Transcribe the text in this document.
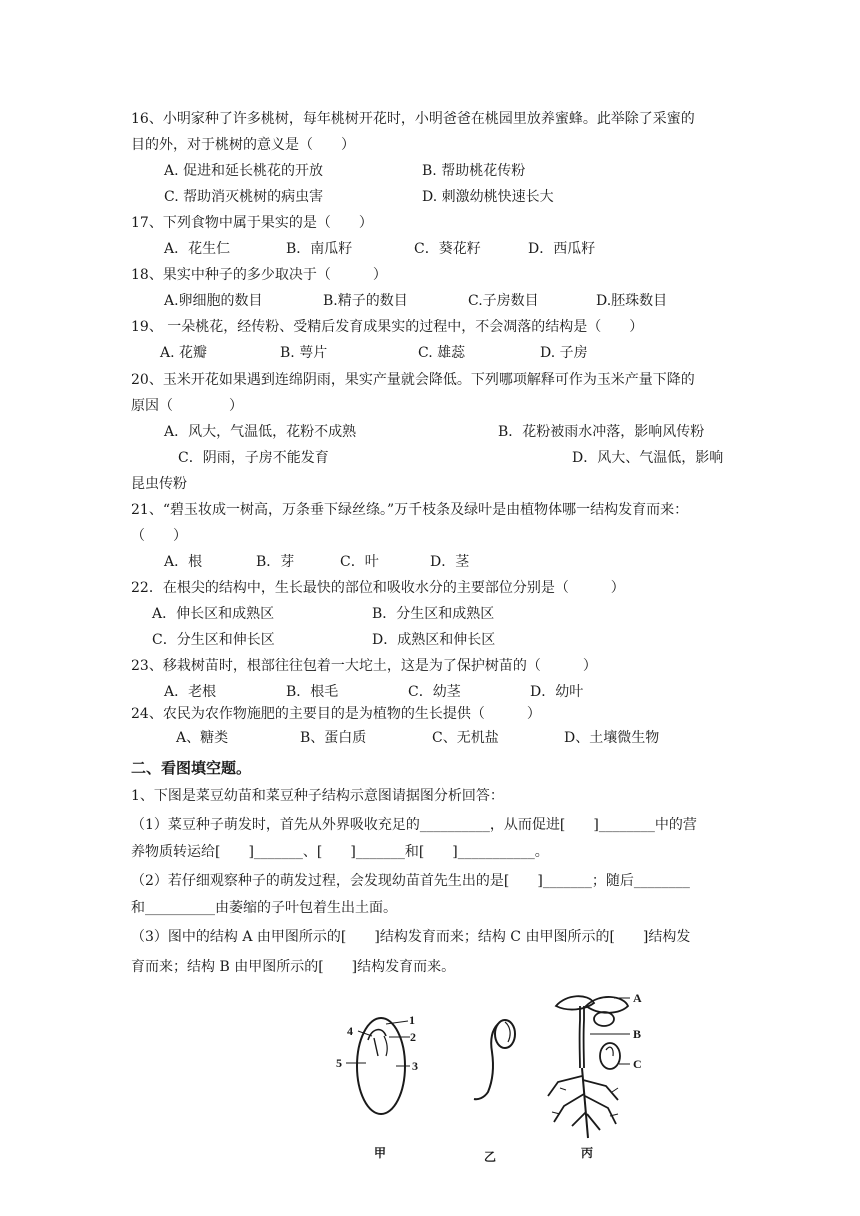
16、小明家种了许多桃树，每年桃树开花时，小明爸爸在桃园里放养蜜蜂。此举除了采蜜的
目的外，对于桃树的意义是（　　）
A. 促进和延长桃花的开放	B. 帮助桃花传粉
C. 帮助消灭桃树的病虫害	D. 刺激幼桃快速长大
17、下列食物中属于果实的是（　　）
A．花生仁	B．南瓜籽	C．葵花籽	D．西瓜籽
18、果实中种子的多少取决于（　　　）
A.卵细胞的数目	B.精子的数目	C.子房数目	D.胚珠数目
19、 一朵桃花，经传粉、受精后发育成果实的过程中，不会凋落的结构是（　　）
A. 花瓣	B. 萼片	C. 雄蕊	D. 子房
20、玉米开花如果遇到连绵阴雨，果实产量就会降低。下列哪项解释可作为玉米产量下降的
原因（　　　　）
A．风大，气温低，花粉不成熟	B．花粉被雨水冲落，影响风传粉
C．阴雨，子房不能发育	D．风大、气温低，影响
昆虫传粉
21、“碧玉妆成一树高，万条垂下绿丝绦。”万千枝条及绿叶是由植物体哪一结构发育而来：
（　　）
A．根	B．芽	C．叶	D．茎
22．在根尖的结构中，生长最快的部位和吸收水分的主要部位分别是（　　　）
A．伸长区和成熟区	B．分生区和成熟区
C．分生区和伸长区	D．成熟区和伸长区
23、移栽树苗时，根部往往包着一大坨土，这是为了保护树苗的（　　　）
A．老根	B．根毛	C．幼茎	D．幼叶
24、农民为农作物施肥的主要目的是为植物的生长提供（　　　）
A、糖类	B、蛋白质	C、无机盐	D、土壤微生物
二、看图填空题。
1、下图是菜豆幼苗和菜豆种子结构示意图请据图分析回答：
（1）菜豆种子萌发时，首先从外界吸收充足的__________，从而促进[　　]________中的营
养物质转运给[　　]_______、[　　]_______和[　　]___________。
（2）若仔细观察种子的萌发过程，会发现幼苗首先生出的是[　　]_______；随后________
和__________由萎缩的子叶包着生出土面。
（3）图中的结构 A 由甲图所示的[　　]结构发育而来；结构 C 由甲图所示的[　　]结构发
育而来；结构 B 由甲图所示的[　　]结构发育而来。
1
2
3
4
5
A
B
C
甲	乙	丙
